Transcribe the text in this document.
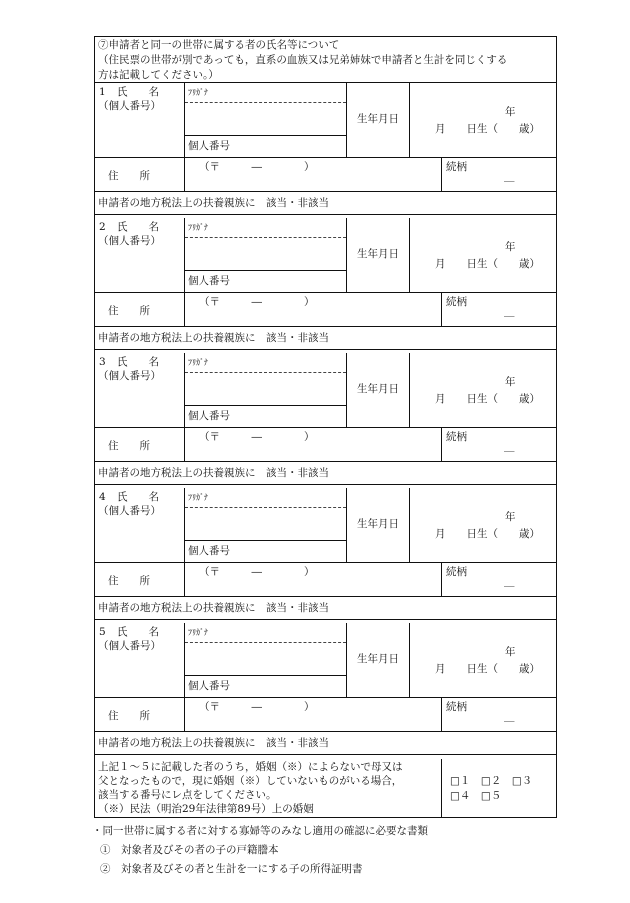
⑦申請者と同一の世帯に属する者の氏名等について
（住民票の世帯が別であっても，直系の血族又は兄弟姉妹で申請者と生計を同じくする
方は記載してください。）
1 氏　　名
（個人番号）
ﾌﾘｶﾞﾅ
個人番号
生年月日
年
月　　日生（　　歳）
住　　所
（〒　　　―　　　　）	続柄
＿
申請者の地方税法上の扶養親族に　該当・非該当
2 氏　　名
（個人番号）
ﾌﾘｶﾞﾅ
個人番号
生年月日
年
月　　日生（　　歳）
住　　所
（〒　　　―　　　　）	続柄
＿
申請者の地方税法上の扶養親族に　該当・非該当
3 氏　　名
（個人番号）
ﾌﾘｶﾞﾅ
個人番号
生年月日
年
月　　日生（　　歳）
住　　所
（〒　　　―　　　　）	続柄
＿
申請者の地方税法上の扶養親族に　該当・非該当
4 氏　　名
（個人番号）
ﾌﾘｶﾞﾅ
個人番号
生年月日
年
月　　日生（　　歳）
住　　所
（〒　　　―　　　　）	続柄
＿
申請者の地方税法上の扶養親族に　該当・非該当
5 氏　　名
（個人番号）
ﾌﾘｶﾞﾅ
個人番号
生年月日
年
月　　日生（　　歳）
住　　所
（〒　　　―　　　　）	続柄
＿
申請者の地方税法上の扶養親族に　該当・非該当
上記１～５に記載した者のうち，婚姻（※）によらないで母又は
父となったもので，現に婚姻（※）していないものがいる場合，
該当する番号にレ点をしてください。
（※）民法（明治29年法律第89号）上の婚姻
□１　□２　□３
□４　□５
・同一世帯に属する者に対する寡婦等のみなし適用の確認に必要な書類
①　対象者及びその者の子の戸籍謄本
②　対象者及びその者と生計を一にする子の所得証明書
